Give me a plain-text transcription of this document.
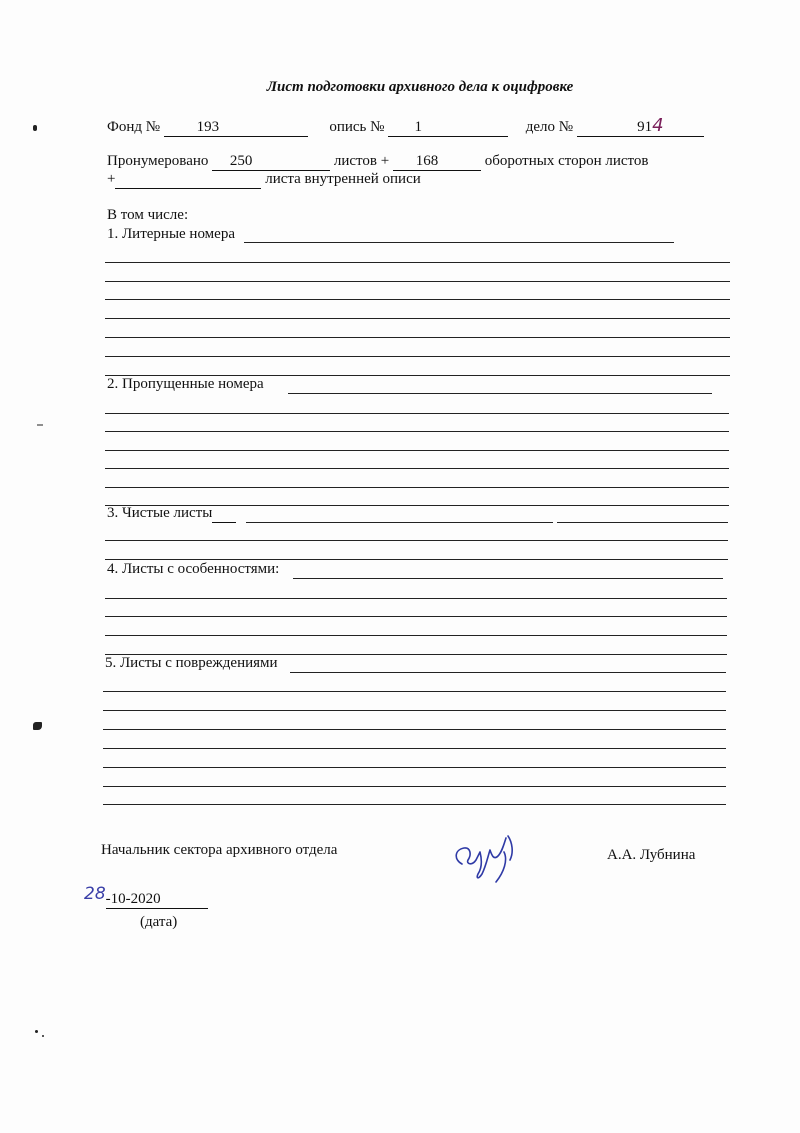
Лист подготовки архивного дела к оцифровке
Фонд № 193	опись № 1	дело №	914
Пронумеровано 250	листов + 168	оборотных сторон листов
+	листа внутренней описи
В том числе:
1. Литерные номера
2. Пропущенные номера
3. Чистые листы
4. Листы с особенностями:
5. Листы с повреждениями
Начальник сектора архивного отдела	А.А. Лубнина
28-10-2020
(дата)
